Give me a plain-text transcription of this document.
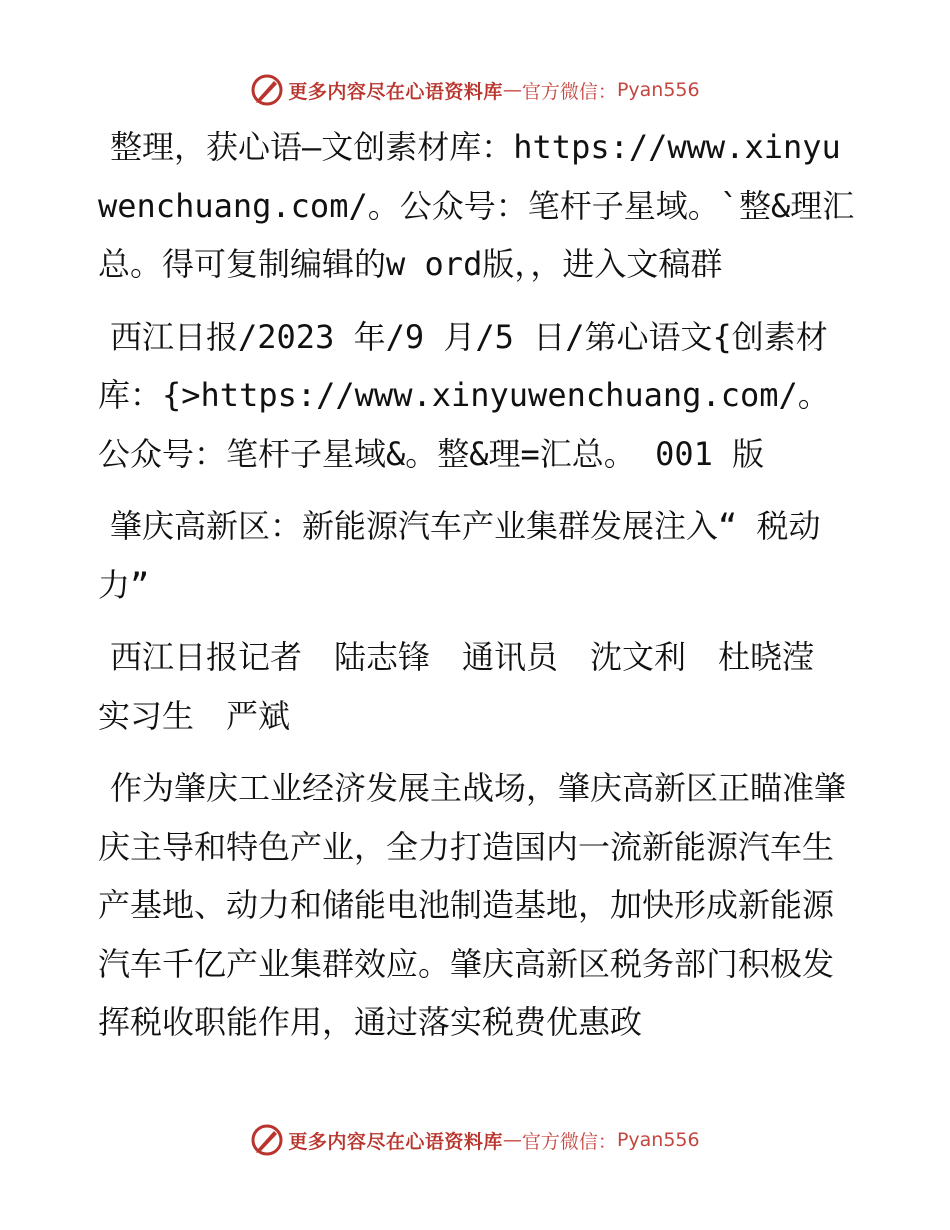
更多内容尽在心语资料库 — 官方微信： Pyan556

整理，获心语—文创素材库：https://www.xinyuwenchuang.com/。公众号：笔杆子星域。`整&理汇总。得可复制编辑的w ord版，，进入文稿群

西江日报/2023 年/9 月/5 日/第心语文{创素材库：{>https://www.xinyuwenchuang.com/。公众号：笔杆子星域&。整&理=汇总。 001 版

肇庆高新区：新能源汽车产业集群发展注入“ 税动力”

西江日报记者　陆志锋　通讯员　沈文利　杜晓滢　实习生　严斌

作为肇庆工业经济发展主战场，肇庆高新区正瞄准肇庆主导和特色产业，全力打造国内一流新能源汽车生产基地、动力和储能电池制造基地，加快形成新能源汽车千亿产业集群效应。肇庆高新区税务部门积极发挥税收职能作用，通过落实税费优惠政

更多内容尽在心语资料库 — 官方微信： Pyan556
